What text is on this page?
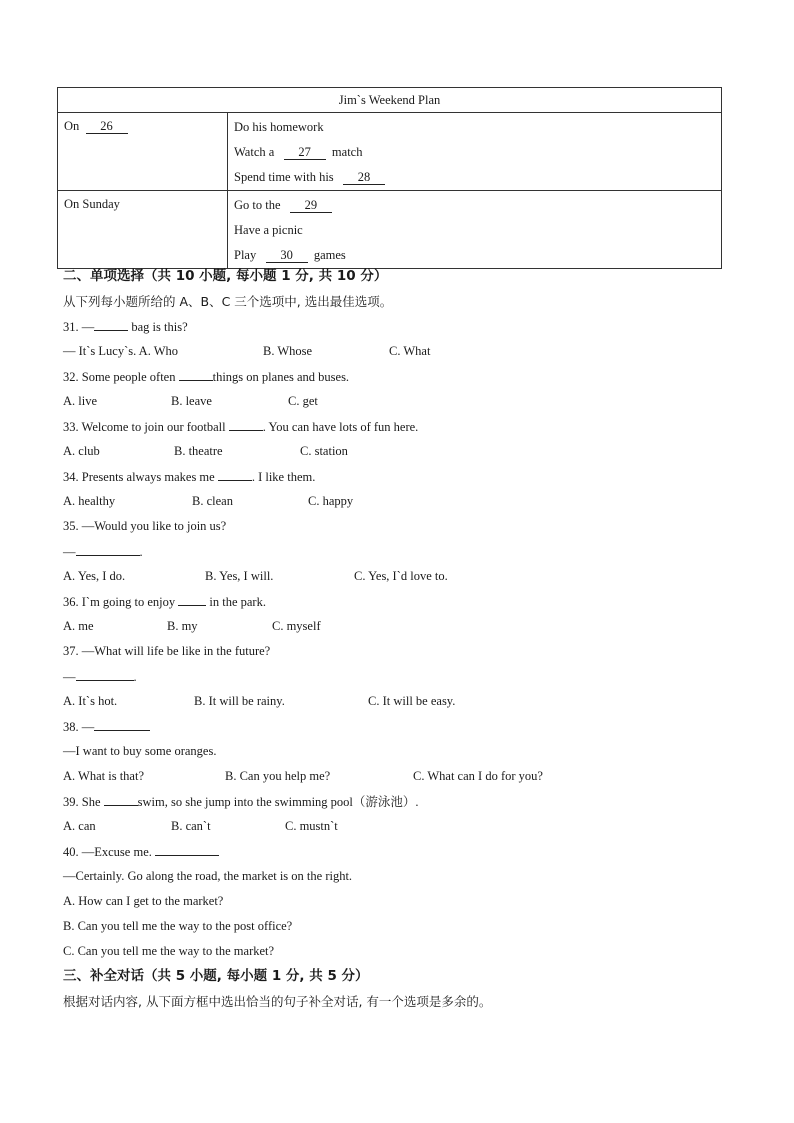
Jim`s Weekend Plan	
On 26	Do his homework
Watch a 27 match
Spend time with his 28

On Sunday	Go to the 29
Have a picnic
Play 30 games
二、单项选择（共 10 小题, 每小题 1 分, 共 10 分）
从下列每小题所给的 A、B、C 三个选项中, 选出最佳选项。
31. —	bag is this?
— It`s Lucy`s. A. Who	B. Whose	C. What
32. Some people often	things on planes and buses.
A. live	B. leave	C. get
33. Welcome to join our football	. You can have lots of fun here.
A. club	B. theatre	C. station
34. Presents always makes me	. I like them.
A. healthy	B. clean	C. happy
35. —Would you like to join us?
—	.
A. Yes, I do.	B. Yes, I will.	C. Yes, I`d love to.
36. I`m going to enjoy  in the park.
A. me	B. my	C. myself
37. —What will life be like in the future?
—	.
A. It`s hot.	B. It will be rainy.	C. It will be easy.
38. —
—I want to buy some oranges.
A. What is that?	B. Can you help me?	C. What can I do for you?
39. She	swim, so she jump into the swimming pool（游泳池）.
A. can	B. can`t	C. mustn`t
40. —Excuse me.
—Certainly. Go along the road, the market is on the right.
A. How can I get to the market?
B. Can you tell me the way to the post office?
C. Can you tell me the way to the market?
三、补全对话（共 5 小题, 每小题 1 分, 共 5 分）
根据对话内容, 从下面方框中选出恰当的句子补全对话, 有一个选项是多余的。
